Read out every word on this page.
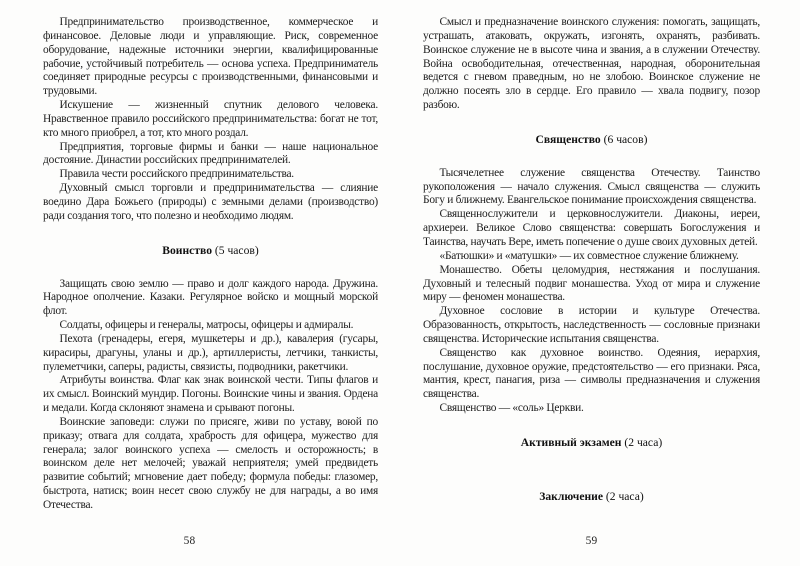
Предпринимательство производственное, коммерческое и финансовое. Деловые люди и управляющие. Риск, современное оборудование, надежные источники энергии, квалифицированные рабочие, устойчивый потребитель — основа успеха. Предприниматель соединяет природные ресурсы с производственными, финансовыми и трудовыми.

Искушение — жизненный спутник делового человека. Нравственное правило российского предпринимательства: богат не тот, кто много приобрел, а тот, кто много роздал.

Предприятия, торговые фирмы и банки — наше национальное достояние. Династии российских предпринимателей.

Правила чести российского предпринимательства.

Духовный смысл торговли и предпринимательства — слияние воедино Дара Божьего (природы) с земными делами (производство) ради создания того, что полезно и необходимо людям.

Воинство (5 часов)

Защищать свою землю — право и долг каждого народа. Дружина. Народное ополчение. Казаки. Регулярное войско и мощный морской флот.

Солдаты, офицеры и генералы, матросы, офицеры и адмиралы.

Пехота (гренадеры, егеря, мушкетеры и др.), кавалерия (гусары, кирасиры, драгуны, уланы и др.), артиллеристы, летчики, танкисты, пулеметчики, саперы, радисты, связисты, подводники, ракетчики.

Атрибуты воинства. Флаг как знак воинской чести. Типы флагов и их смысл. Воинский мундир. Погоны. Воинские чины и звания. Ордена и медали. Когда склоняют знамена и срывают погоны.

Воинские заповеди: служи по присяге, живи по уставу, воюй по приказу; отвага для солдата, храбрость для офицера, мужество для генерала; залог воинского успеха — смелость и осторожность; в воинском деле нет мелочей; уважай неприятеля; умей предвидеть развитие событий; мгновение дает победу; формула победы: глазомер, быстрота, натиск; воин несет свою службу не для награды, а во имя Отечества.

58

Смысл и предназначение воинского служения: помогать, защищать, устрашать, атаковать, окружать, изгонять, охранять, разбивать. Воинское служение не в высоте чина и звания, а в служении Отечеству. Война освободительная, отечественная, народная, оборонительная ведется с гневом праведным, но не злобою. Воинское служение не должно посеять зло в сердце. Его правило — хвала подвигу, позор разбою.

Священство (6 часов)

Тысячелетнее служение священства Отечеству. Таинство рукоположения — начало служения. Смысл священства — служить Богу и ближнему. Евангельское понимание происхождения священства.

Священнослужители и церковнослужители. Диаконы, иереи, архиереи. Великое Слово священства: совершать Богослужения и Таинства, научать Вере, иметь попечение о душе своих духовных детей.

«Батюшки» и «матушки» — их совместное служение ближнему.

Монашество. Обеты целомудрия, нестяжания и послушания. Духовный и телесный подвиг монашества. Уход от мира и служение миру — феномен монашества.

Духовное сословие в истории и культуре Отечества. Образованность, открытость, наследственность — сословные признаки священства. Исторические испытания священства.

Священство как духовное воинство. Одеяния, иерархия, послушание, духовное оружие, предстоятельство — его признаки. Ряса, мантия, крест, панагия, риза — символы предназначения и служения священства.

Священство — «соль» Церкви.

Активный экзамен (2 часа)
Заключение (2 часа)

59
